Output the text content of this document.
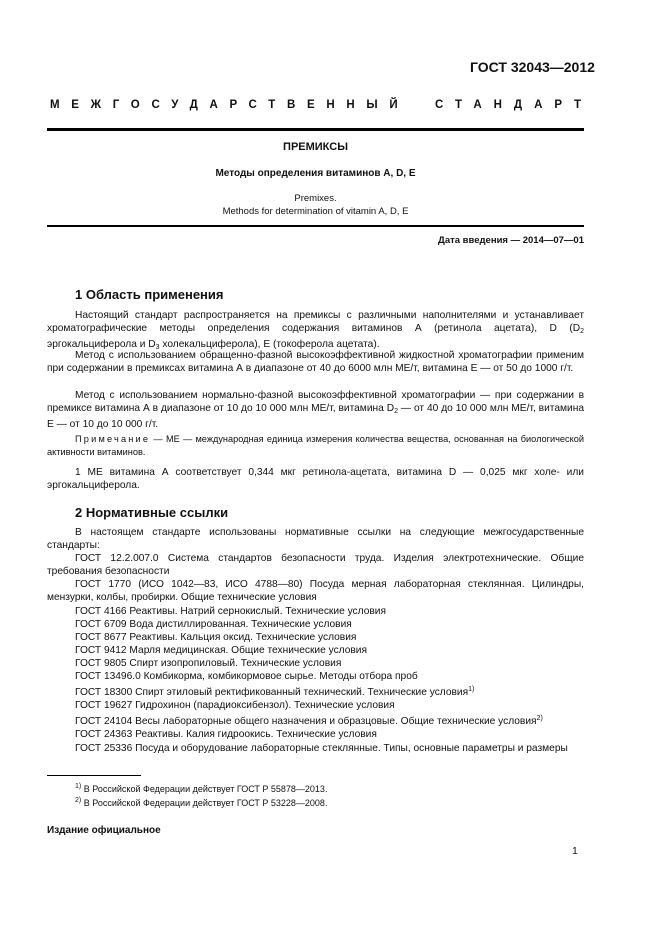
ГОСТ 32043—2012
МЕЖГОСУДАРСТВЕННЫЙ СТАНДАРТ
ПРЕМИКСЫ
Методы определения витаминов А, D, Е
Premixes.
Methods for determination of vitamin A, D, E
Дата введения — 2014—07—01
1 Область применения
Настоящий стандарт распространяется на премиксы с различными наполнителями и устанавливает хроматографические методы определения содержания витаминов А (ретинола ацетата), D ($D_2$ эргокальциферола и $D_3$ холекальциферола), Е (токоферола ацетата).
Метод с использованием обращенно-фазной высокоэффективной жидкостной хроматографии применим при содержании в премиксах витамина А в диапазоне от 40 до 6000 млн МЕ/т, витамина Е — от 50 до 1000 г/т.
Метод с использованием нормально-фазной высокоэффективной хроматографии — при содержании в премиксе витамина А в диапазоне от 10 до 10 000 млн МЕ/т, витамина $D_2$ — от 40 до 10 000 млн МЕ/т, витамина Е — от 10 до 10 000 г/т.
Примечание — МЕ — международная единица измерения количества вещества, основанная на биологической активности витаминов.
1 МЕ витамина А соответствует 0,344 мкг ретинола-ацетата, витамина D — 0,025 мкг холе- или эргокальциферола.
2 Нормативные ссылки
В настоящем стандарте использованы нормативные ссылки на следующие межгосударственные стандарты:
ГОСТ 12.2.007.0 Система стандартов безопасности труда. Изделия электротехнические. Общие требования безопасности
ГОСТ 1770 (ИСО 1042—83, ИСО 4788—80) Посуда мерная лабораторная стеклянная. Цилиндры, мензурки, колбы, пробирки. Общие технические условия
ГОСТ 4166 Реактивы. Натрий сернокислый. Технические условия
ГОСТ 6709 Вода дистиллированная. Технические условия
ГОСТ 8677 Реактивы. Кальция оксид. Технические условия
ГОСТ 9412 Марля медицинская. Общие технические условия
ГОСТ 9805 Спирт изопропиловый. Технические условия
ГОСТ 13496.0 Комбикорма, комбикормовое сырье. Методы отбора проб
ГОСТ 18300 Спирт этиловый ректификованный технический. Технические условия$^{1)}$
ГОСТ 19627 Гидрохинон (парадиоксибензол). Технические условия
ГОСТ 24104 Весы лабораторные общего назначения и образцовые. Общие технические условия$^{2)}$
ГОСТ 24363 Реактивы. Калия гидроокись. Технические условия
ГОСТ 25336 Посуда и оборудование лабораторные стеклянные. Типы, основные параметры и размеры
$^{1)}$ В Российской Федерации действует ГОСТ Р 55878—2013.
$^{2)}$ В Российской Федерации действует ГОСТ Р 53228—2008.
Издание официальное
1
